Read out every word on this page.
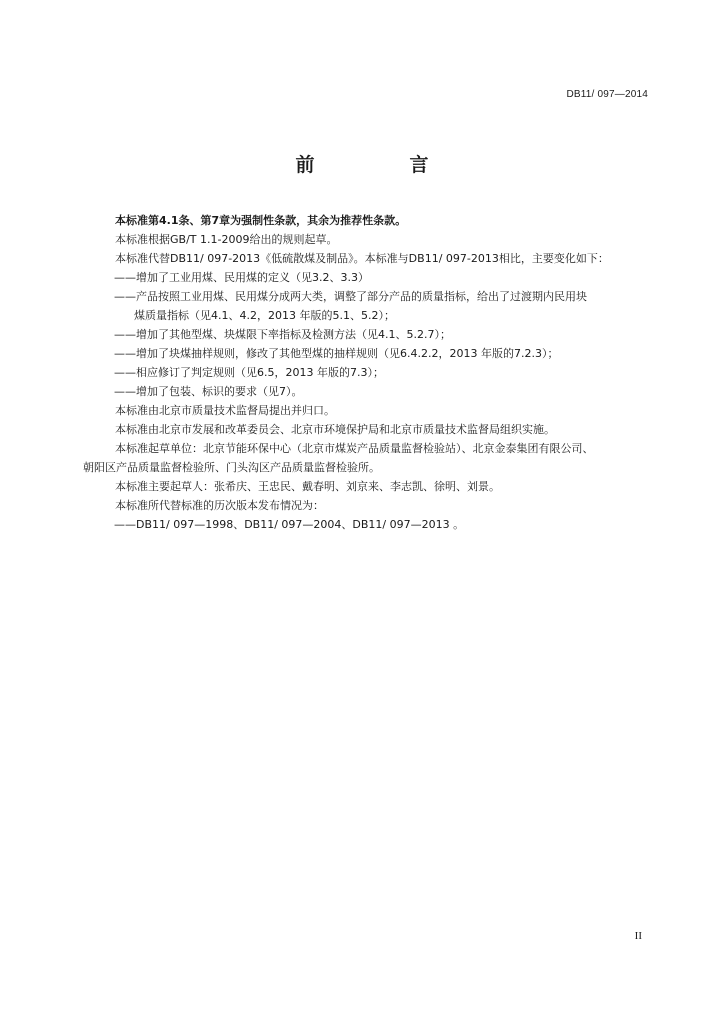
DB11/ 097—2014
前　言
本标准第4.1条、第7章为强制性条款，其余为推荐性条款。
本标准根据GB/T 1.1-2009给出的规则起草。
本标准代替DB11/ 097-2013《低硫散煤及制品》。本标准与DB11/ 097-2013相比，主要变化如下：
——增加了工业用煤、民用煤的定义（见3.2、3.3）
——产品按照工业用煤、民用煤分成两大类，调整了部分产品的质量指标，给出了过渡期内民用块
煤质量指标（见4.1、4.2，2013 年版的5.1、5.2）；
——增加了其他型煤、块煤限下率指标及检测方法（见4.1、5.2.7）；
——增加了块煤抽样规则，修改了其他型煤的抽样规则（见6.4.2.2，2013 年版的7.2.3）；
——相应修订了判定规则（见6.5，2013 年版的7.3）；
——增加了包装、标识的要求（见7）。
本标准由北京市质量技术监督局提出并归口。
本标准由北京市发展和改革委员会、北京市环境保护局和北京市质量技术监督局组织实施。
本标准起草单位：北京节能环保中心（北京市煤炭产品质量监督检验站）、北京金泰集团有限公司、
朝阳区产品质量监督检验所、门头沟区产品质量监督检验所。
本标准主要起草人：张希庆、王忠民、戴春明、刘京来、李志凯、徐明、刘景。
本标准所代替标准的历次版本发布情况为：
——DB11/ 097—1998、DB11/ 097—2004、DB11/ 097—2013 。
II
